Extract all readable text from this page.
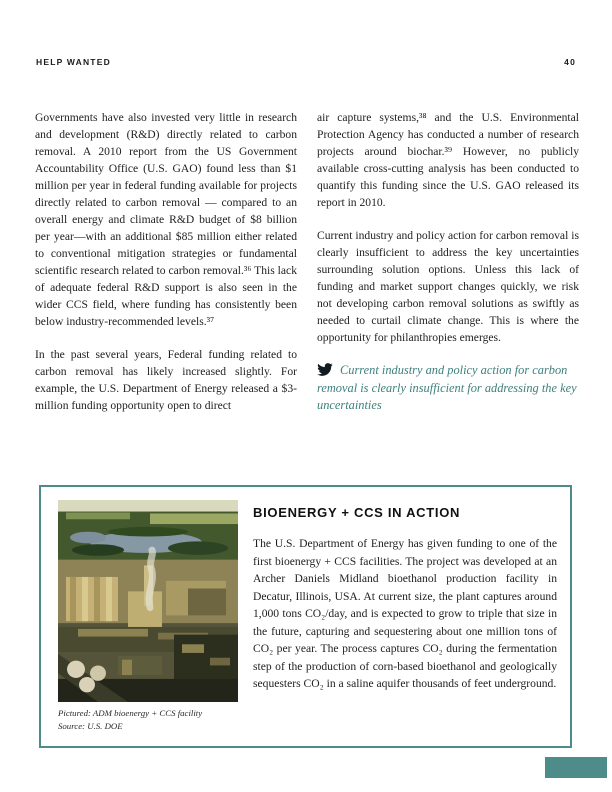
HELP WANTED	40
Governments have also invested very little in research and development (R&D) directly related to carbon removal. A 2010 report from the US Government Accountability Office (U.S. GAO) found less than $1 million per year in federal funding available for projects directly related to carbon removal — compared to an overall energy and climate R&D budget of $8 billion per year—with an additional $85 million either related to conventional mitigation strategies or fundamental scientific research related to carbon removal.³⁶ This lack of adequate federal R&D support is also seen in the wider CCS field, where funding has consistently been below industry-recommended levels.³⁷
In the past several years, Federal funding related to carbon removal has likely increased slightly. For example, the U.S. Department of Energy released a $3-million funding opportunity open to direct
air capture systems,³⁸ and the U.S. Environmental Protection Agency has conducted a number of research projects around biochar.³⁹ However, no publicly available cross-cutting analysis has been conducted to quantify this funding since the U.S. GAO released its report in 2010.
Current industry and policy action for carbon removal is clearly insufficient to address the key uncertainties surrounding solution options. Unless this lack of funding and market support changes quickly, we risk not developing carbon removal solutions as swiftly as needed to curtail climate change. This is where the opportunity for philanthropies emerges.
Current industry and policy action for carbon removal is clearly insufficient for addressing the key uncertainties
Pictured: ADM bioenergy + CCS facility
Source: U.S. DOE
BIOENERGY + CCS IN ACTION
The U.S. Department of Energy has given funding to one of the first bioenergy + CCS facilities. The project was developed at an Archer Daniels Midland bioethanol production facility in Decatur, Illinois, USA. At current size, the plant captures around 1,000 tons CO₂/day, and is expected to grow to triple that size in the future, capturing and sequestering about one million tons of CO₂ per year. The process captures CO₂ during the fermentation step of the production of corn-based bioethanol and geologically sequesters CO₂ in a saline aquifer thousands of feet underground.
